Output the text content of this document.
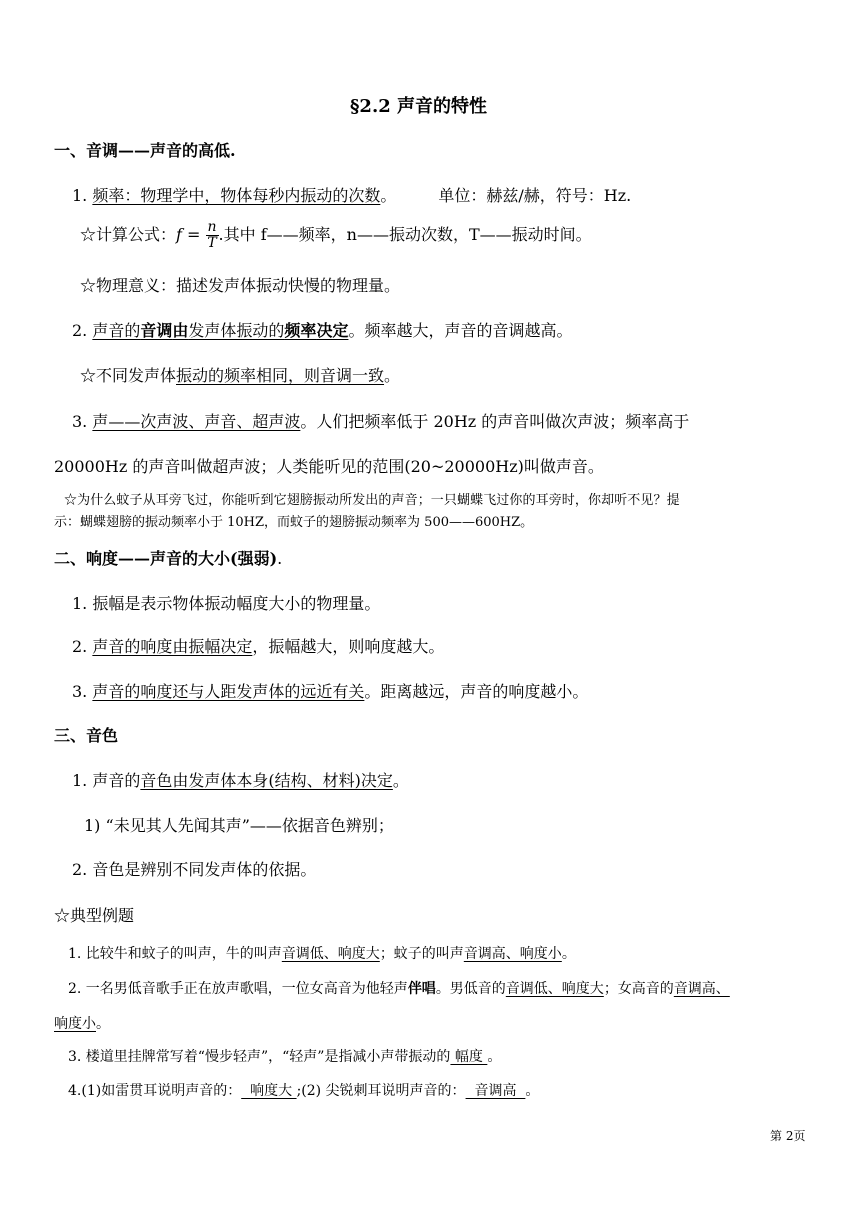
§2.2 声音的特性
一、音调——声音的高低.
1. 频率：物理学中，物体每秒内振动的次数。	单位：赫兹/赫，符号：Hz.
☆计算公式：$f = \frac{n}{T}$ .其中 f——频率，n——振动次数，T——振动时间。
☆物理意义：描述发声体振动快慢的物理量。
2. 声音的音调由发声体振动的频率决定。频率越大，声音的音调越高。
☆不同发声体振动的频率相同，则音调一致。
3. 声——次声波、声音、超声波。人们把频率低于 20Hz 的声音叫做次声波；频率高于
20000Hz 的声音叫做超声波；人类能听见的范围(20~20000Hz)叫做声音。
☆为什么蚊子从耳旁飞过，你能听到它翅膀振动所发出的声音；一只蝴蝶飞过你的耳旁时，你却听不见？提
示：蝴蝶翅膀的振动频率小于 10HZ，而蚊子的翅膀振动频率为 500——600HZ。
二、响度——声音的大小(强弱).
1. 振幅是表示物体振动幅度大小的物理量。
2. 声音的响度由振幅决定，振幅越大，则响度越大。
3. 声音的响度还与人距发声体的远近有关。距离越远，声音的响度越小。
三、音色
1. 声音的音色由发声体本身(结构、材料)决定。
1) “未见其人先闻其声”——依据音色辨别；
2. 音色是辨别不同发声体的依据。
☆典型例题
1. 比较牛和蚊子的叫声，牛的叫声音调低、响度大；蚊子的叫声音调高、响度小。
2. 一名男低音歌手正在放声歌唱，一位女高音为他轻声伴唱。男低音的音调低、响度大；女高音的音调高、
响度小。
3. 楼道里挂牌常写着“慢步轻声”，“轻声”是指减小声带振动的 幅度 。
4.(1)如雷贯耳说明声音的：  响度大 ;(2) 尖锐刺耳说明声音的：  音调高  。
第 2页
